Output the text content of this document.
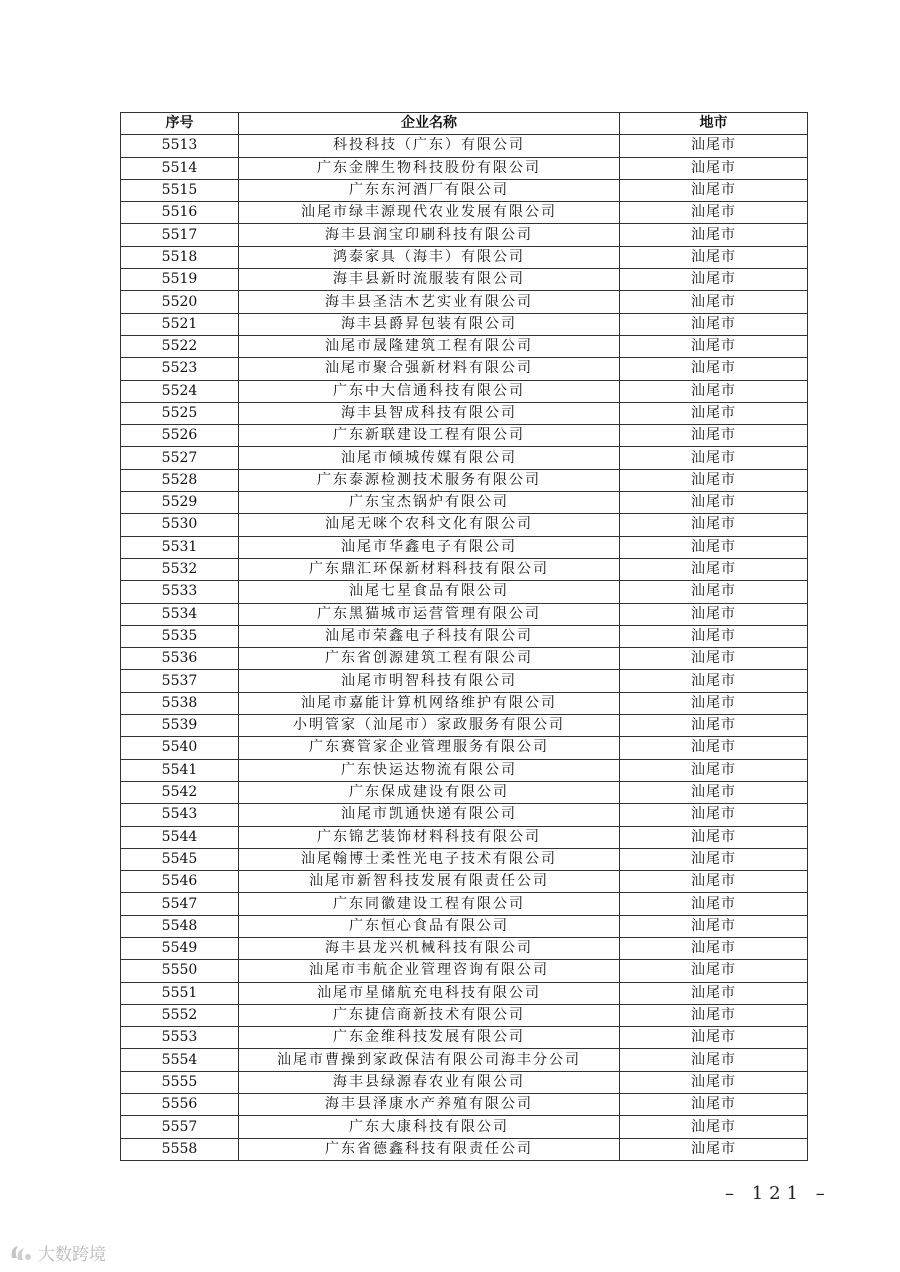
序号	企业名称	地市
5513	科投科技（广东）有限公司	汕尾市
5514	广东金牌生物科技股份有限公司	汕尾市
5515	广东东河酒厂有限公司	汕尾市
5516	汕尾市绿丰源现代农业发展有限公司	汕尾市
5517	海丰县润宝印刷科技有限公司	汕尾市
5518	鸿泰家具（海丰）有限公司	汕尾市
5519	海丰县新时流服装有限公司	汕尾市
5520	海丰县圣洁木艺实业有限公司	汕尾市
5521	海丰县爵昇包装有限公司	汕尾市
5522	汕尾市晟隆建筑工程有限公司	汕尾市
5523	汕尾市聚合强新材料有限公司	汕尾市
5524	广东中大信通科技有限公司	汕尾市
5525	海丰县智成科技有限公司	汕尾市
5526	广东新联建设工程有限公司	汕尾市
5527	汕尾市倾城传媒有限公司	汕尾市
5528	广东泰源检测技术服务有限公司	汕尾市
5529	广东宝杰锅炉有限公司	汕尾市
5530	汕尾无咪个农科文化有限公司	汕尾市
5531	汕尾市华鑫电子有限公司	汕尾市
5532	广东鼎汇环保新材料科技有限公司	汕尾市
5533	汕尾七星食品有限公司	汕尾市
5534	广东黑猫城市运营管理有限公司	汕尾市
5535	汕尾市荣鑫电子科技有限公司	汕尾市
5536	广东省创源建筑工程有限公司	汕尾市
5537	汕尾市明智科技有限公司	汕尾市
5538	汕尾市嘉能计算机网络维护有限公司	汕尾市
5539	小明管家（汕尾市）家政服务有限公司	汕尾市
5540	广东赛管家企业管理服务有限公司	汕尾市
5541	广东快运达物流有限公司	汕尾市
5542	广东保成建设有限公司	汕尾市
5543	汕尾市凯通快递有限公司	汕尾市
5544	广东锦艺装饰材料科技有限公司	汕尾市
5545	汕尾翰博士柔性光电子技术有限公司	汕尾市
5546	汕尾市新智科技发展有限责任公司	汕尾市
5547	广东同徽建设工程有限公司	汕尾市
5548	广东恒心食品有限公司	汕尾市
5549	海丰县龙兴机械科技有限公司	汕尾市
5550	汕尾市韦航企业管理咨询有限公司	汕尾市
5551	汕尾市星储航充电科技有限公司	汕尾市
5552	广东捷信商新技术有限公司	汕尾市
5553	广东金维科技发展有限公司	汕尾市
5554	汕尾市曹操到家政保洁有限公司海丰分公司	汕尾市
5555	海丰县绿源春农业有限公司	汕尾市
5556	海丰县泽康水产养殖有限公司	汕尾市
5557	广东大康科技有限公司	汕尾市
5558	广东省德鑫科技有限责任公司	汕尾市
– 121 –
大数跨境
